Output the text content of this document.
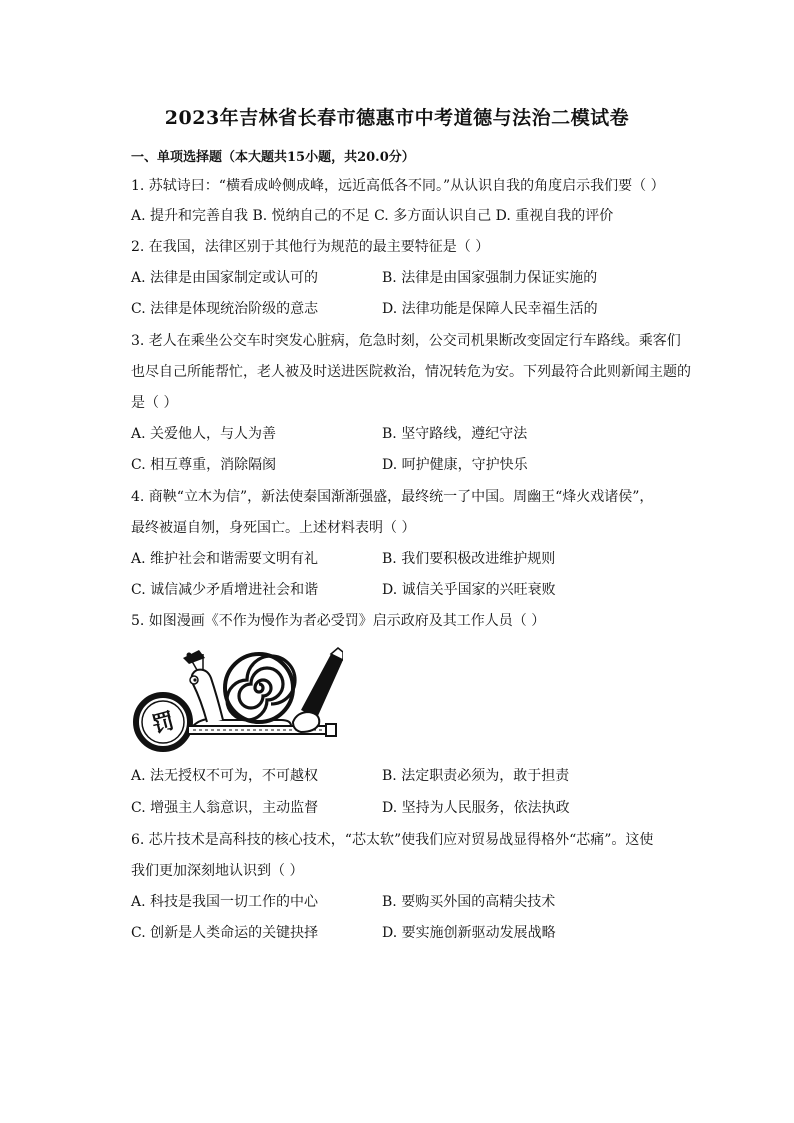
2023年吉林省长春市德惠市中考道德与法治二模试卷
一、单项选择题（本大题共15小题，共20.0分）
1. 苏轼诗曰：“横看成岭侧成峰，远近高低各不同。”从认识自我的角度启示我们要（ ）
A. 提升和完善自我 B. 悦纳自己的不足 C. 多方面认识自己 D. 重视自我的评价
2. 在我国，法律区别于其他行为规范的最主要特征是（ ）
A. 法律是由国家制定或认可的	B. 法律是由国家强制力保证实施的
C. 法律是体现统治阶级的意志	D. 法律功能是保障人民幸福生活的
3. 老人在乘坐公交车时突发心脏病，危急时刻，公交司机果断改变固定行车路线。乘客们
也尽自己所能帮忙，老人被及时送进医院救治，情况转危为安。下列最符合此则新闻主题的
是（ ）
A. 关爱他人，与人为善	B. 坚守路线，遵纪守法
C. 相互尊重，消除隔阂	D. 呵护健康，守护快乐
4. 商鞅“立木为信”，新法使秦国渐渐强盛，最终统一了中国。周幽王“烽火戏诸侯”，
最终被逼自刎，身死国亡。上述材料表明（ ）
A. 维护社会和谐需要文明有礼	B. 我们要积极改进维护规则
C. 诚信减少矛盾增进社会和谐	D. 诚信关乎国家的兴旺衰败
5. 如图漫画《不作为慢作为者必受罚》启示政府及其工作人员（ ）
罚
A. 法无授权不可为，不可越权	B. 法定职责必须为，敢于担责
C. 增强主人翁意识，主动监督	D. 坚持为人民服务，依法执政
6. 芯片技术是高科技的核心技术，“芯太软”使我们应对贸易战显得格外“芯痛”。这使
我们更加深刻地认识到（ ）
A. 科技是我国一切工作的中心	B. 要购买外国的高精尖技术
C. 创新是人类命运的关键抉择	D. 要实施创新驱动发展战略
